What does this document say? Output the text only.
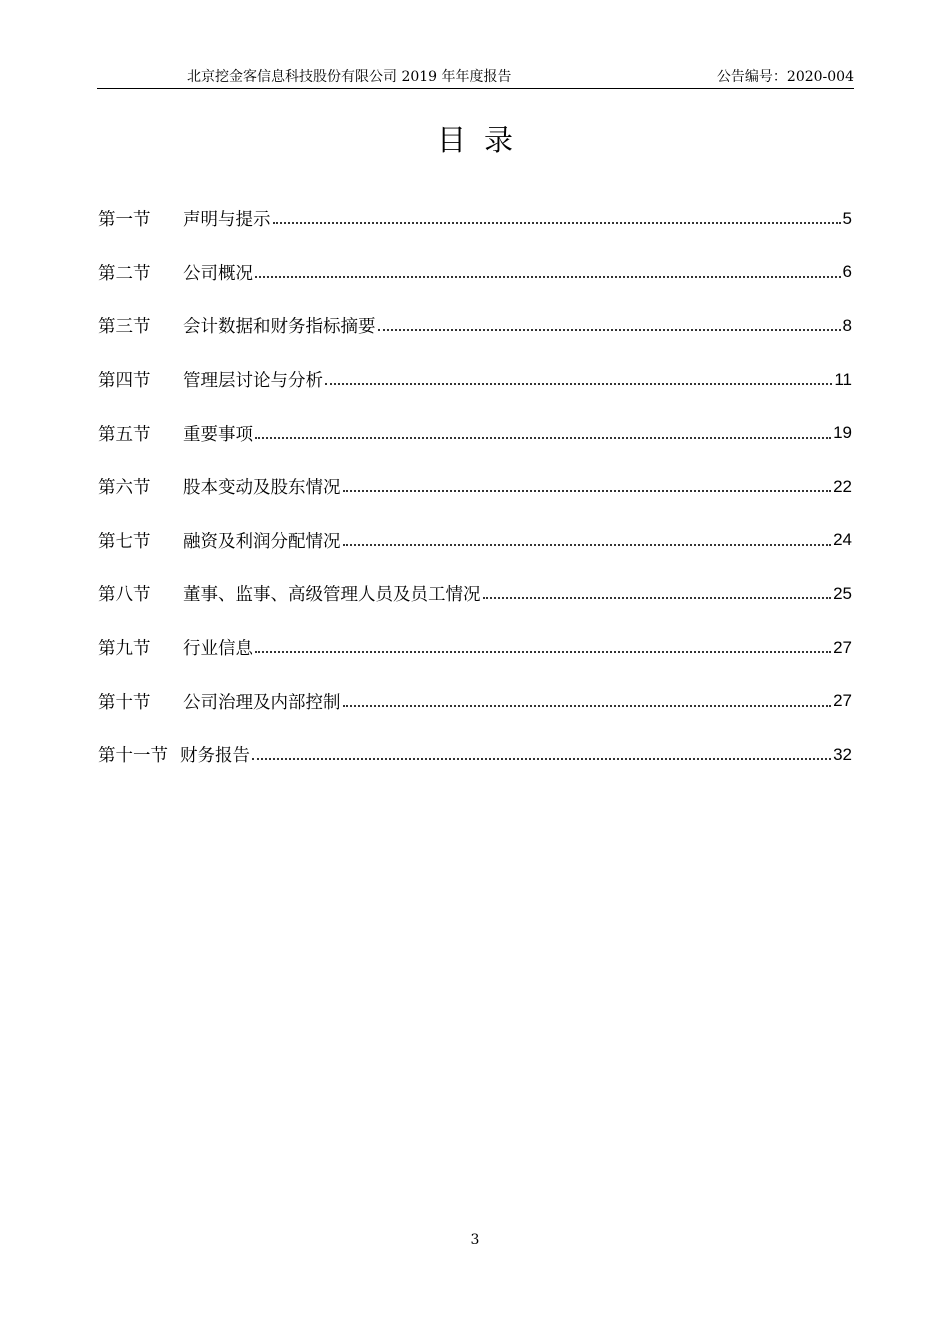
北京挖金客信息科技股份有限公司 2019 年年度报告	公告编号：2020-004
目录
第一节	声明与提示	5
第二节	公司概况	6
第三节	会计数据和财务指标摘要	8
第四节	管理层讨论与分析	11
第五节	重要事项	19
第六节	股本变动及股东情况	22
第七节	融资及利润分配情况	24
第八节	董事、监事、高级管理人员及员工情况	25
第九节	行业信息	27
第十节	公司治理及内部控制	27
第十一节 财务报告	32
3
